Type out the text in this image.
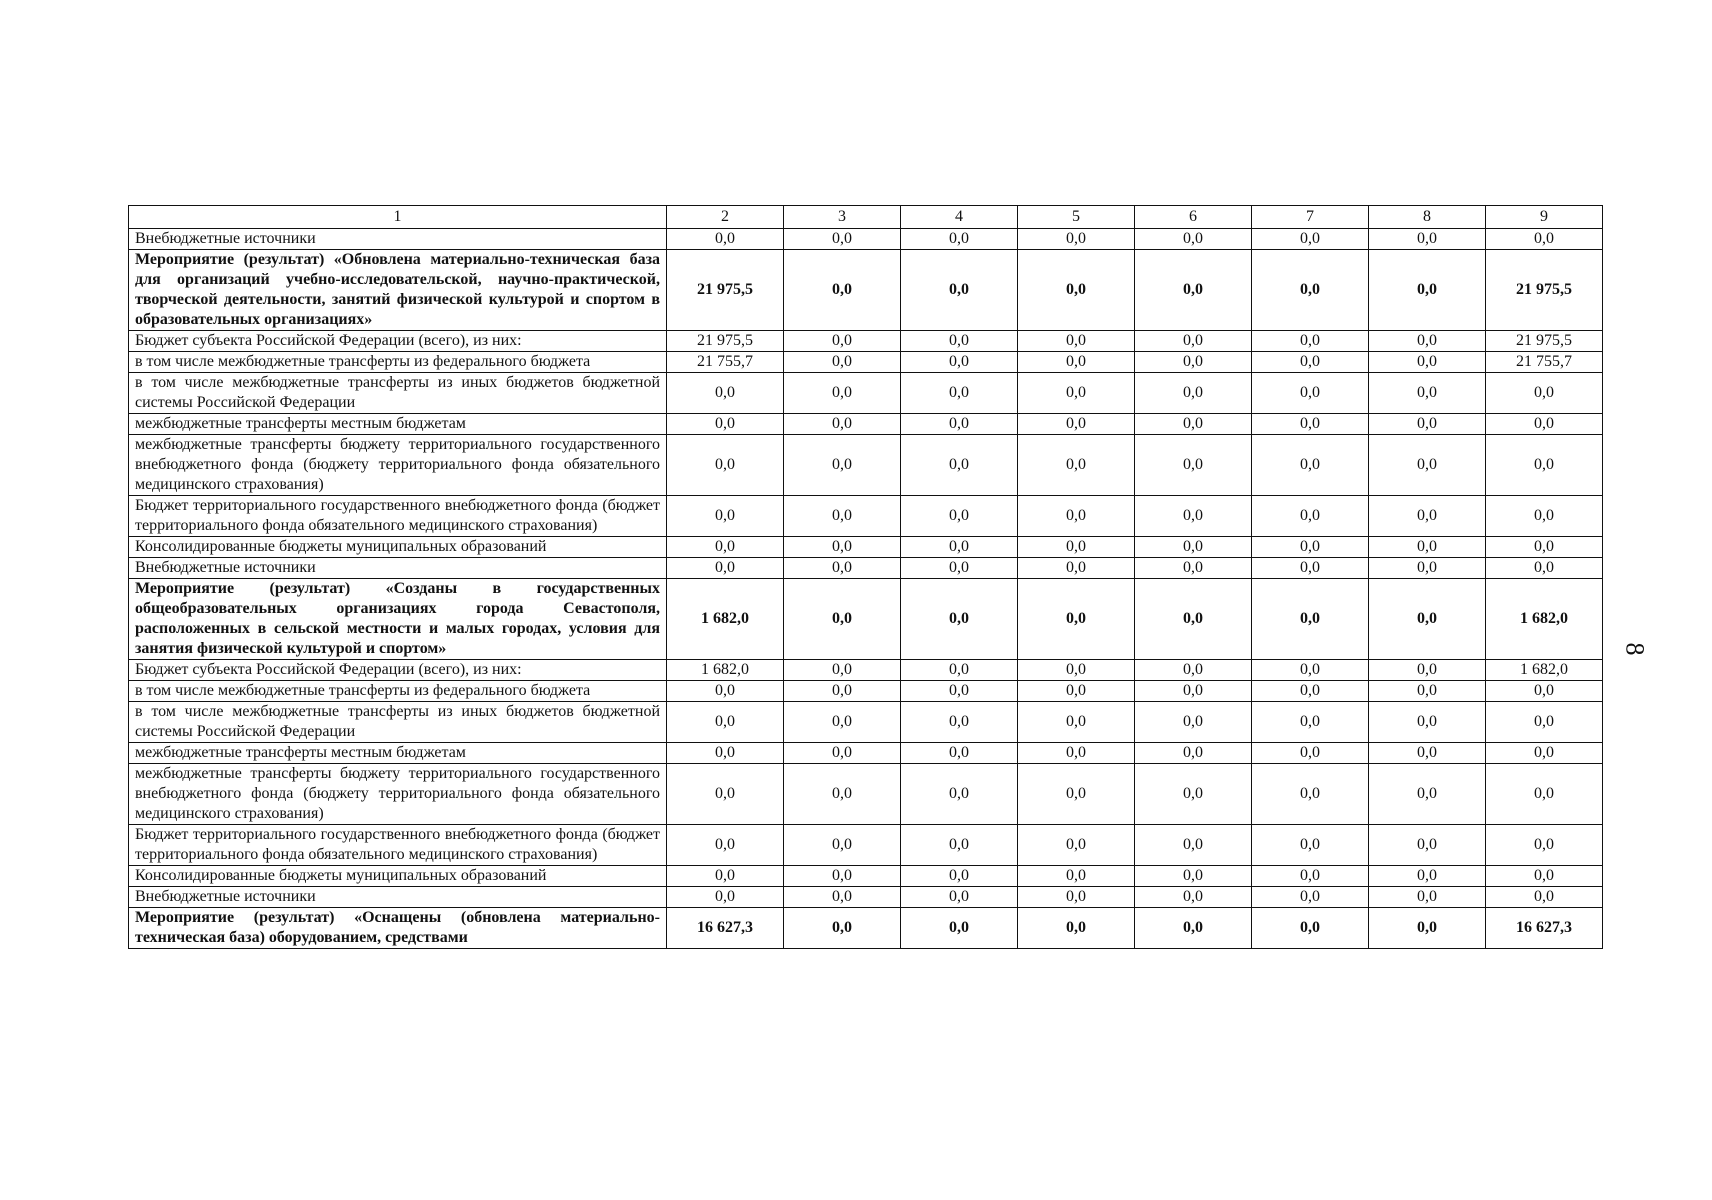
8
1	2	3	4	5	6	7	8	9
Внебюджетные источники	0,0	0,0	0,0	0,0	0,0	0,0	0,0	0,0
Мероприятие (результат) «Обновлена материально-техническая база для организаций учебно-исследовательской, научно-практической, творческой деятельности, занятий физической культурой и спортом в образовательных организациях»	21 975,5	0,0	0,0	0,0	0,0	0,0	0,0	21 975,5
Бюджет субъекта Российской Федерации (всего), из них:	21 975,5	0,0	0,0	0,0	0,0	0,0	0,0	21 975,5
в том числе межбюджетные трансферты из федерального бюджета	21 755,7	0,0	0,0	0,0	0,0	0,0	0,0	21 755,7
в том числе межбюджетные трансферты из иных бюджетов бюджетной системы Российской Федерации	0,0	0,0	0,0	0,0	0,0	0,0	0,0	0,0
межбюджетные трансферты местным бюджетам	0,0	0,0	0,0	0,0	0,0	0,0	0,0	0,0
межбюджетные трансферты бюджету территориального государственного внебюджетного фонда (бюджету территориального фонда обязательного медицинского страхования)	0,0	0,0	0,0	0,0	0,0	0,0	0,0	0,0
Бюджет территориального государственного внебюджетного фонда (бюджет территориального фонда обязательного медицинского страхования)	0,0	0,0	0,0	0,0	0,0	0,0	0,0	0,0
Консолидированные бюджеты муниципальных образований	0,0	0,0	0,0	0,0	0,0	0,0	0,0	0,0
Внебюджетные источники	0,0	0,0	0,0	0,0	0,0	0,0	0,0	0,0
Мероприятие (результат) «Созданы в государственных общеобразовательных организациях города Севастополя, расположенных в сельской местности и малых городах, условия для занятия физической культурой и спортом»	1 682,0	0,0	0,0	0,0	0,0	0,0	0,0	1 682,0
Бюджет субъекта Российской Федерации (всего), из них:	1 682,0	0,0	0,0	0,0	0,0	0,0	0,0	1 682,0
в том числе межбюджетные трансферты из федерального бюджета	0,0	0,0	0,0	0,0	0,0	0,0	0,0	0,0
в том числе межбюджетные трансферты из иных бюджетов бюджетной системы Российской Федерации	0,0	0,0	0,0	0,0	0,0	0,0	0,0	0,0
межбюджетные трансферты местным бюджетам	0,0	0,0	0,0	0,0	0,0	0,0	0,0	0,0
межбюджетные трансферты бюджету территориального государственного внебюджетного фонда (бюджету территориального фонда обязательного медицинского страхования)	0,0	0,0	0,0	0,0	0,0	0,0	0,0	0,0
Бюджет территориального государственного внебюджетного фонда (бюджет территориального фонда обязательного медицинского страхования)	0,0	0,0	0,0	0,0	0,0	0,0	0,0	0,0
Консолидированные бюджеты муниципальных образований	0,0	0,0	0,0	0,0	0,0	0,0	0,0	0,0
Внебюджетные источники	0,0	0,0	0,0	0,0	0,0	0,0	0,0	0,0
Мероприятие (результат) «Оснащены (обновлена материально-техническая база) оборудованием, средствами	16 627,3	0,0	0,0	0,0	0,0	0,0	0,0	16 627,3
